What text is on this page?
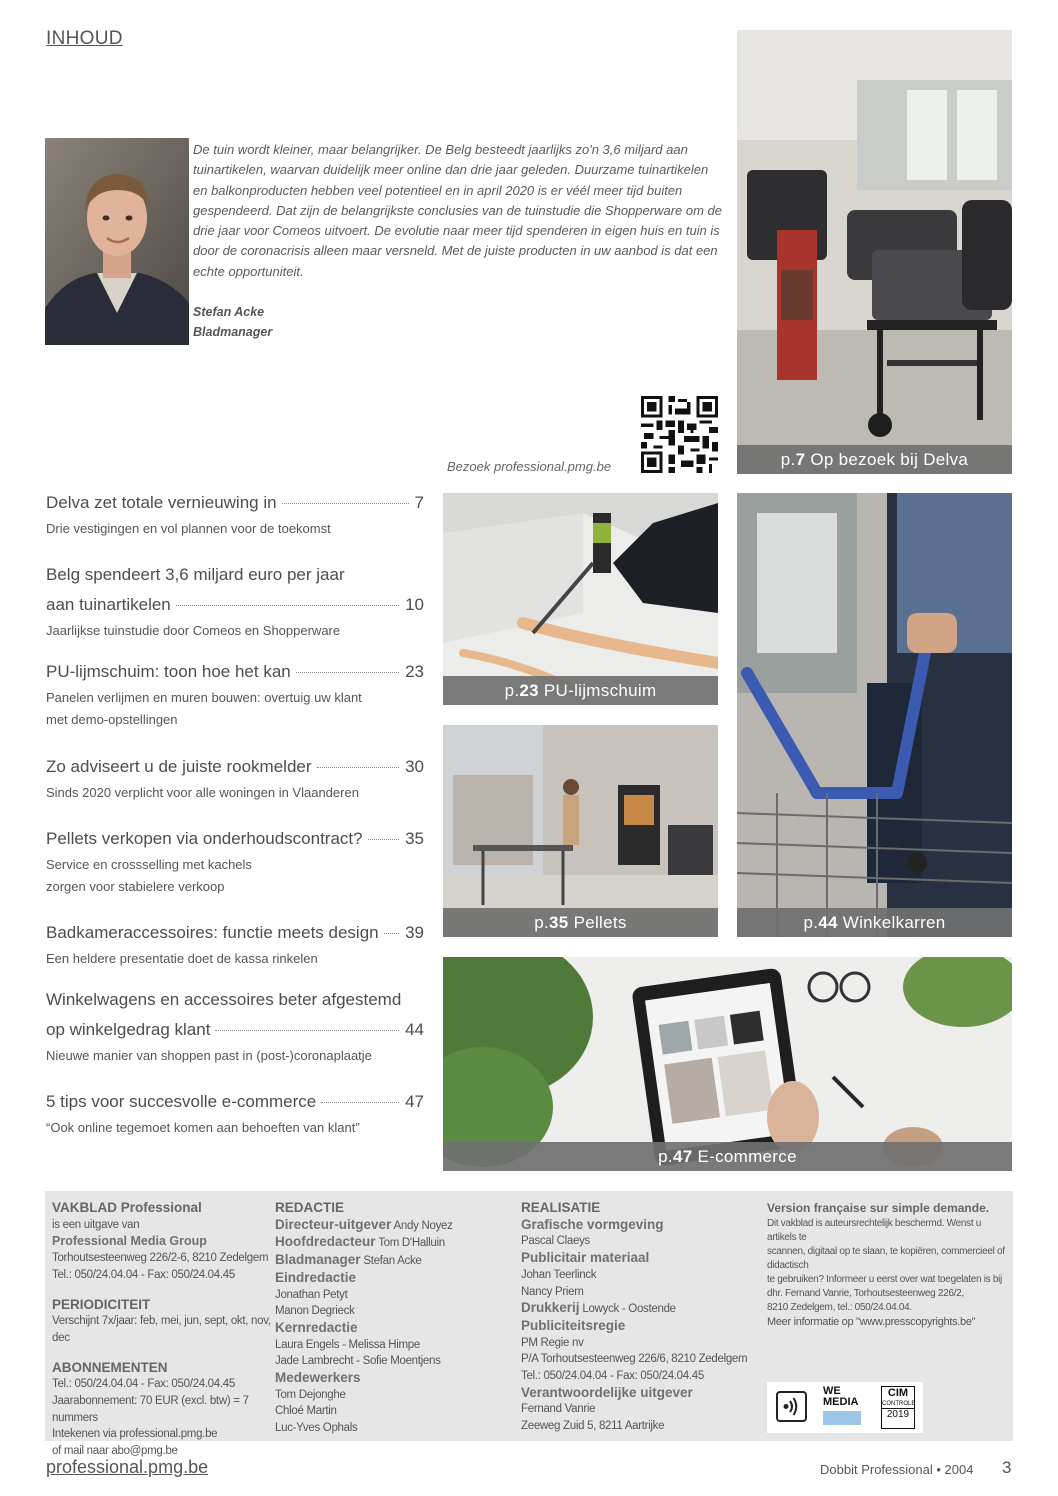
INHOUD
De tuin wordt kleiner, maar belangrijker. De Belg besteedt jaarlijks zo'n 3,6 miljard aan tuinartikelen, waarvan duidelijk meer online dan drie jaar geleden. Duurzame tuinartikelen en balkonproducten hebben veel potentieel en in april 2020 is er véél meer tijd buiten gespendeerd. Dat zijn de belangrijkste conclusies van de tuinstudie die Shopperware om de drie jaar voor Comeos uitvoert. De evolutie naar meer tijd spenderen in eigen huis en tuin is door de coronacrisis alleen maar versneld. Met de juiste producten in uw aanbod is dat een echte opportuniteit.
Stefan Acke
Bladmanager
Bezoek professional.pmg.be	p.7 Op bezoek bij Delva
p.23 PU-lijmschuim
p.35 Pellets	p.44 Winkelkarren
p.47 E-commerce
Delva zet totale vernieuwing in	7
Drie vestigingen en vol plannen voor de toekomst
Belg spendeert 3,6 miljard euro per jaar
aan tuinartikelen	10
Jaarlijkse tuinstudie door Comeos en Shopperware
PU-lijmschuim: toon hoe het kan	23
Panelen verlijmen en muren bouwen: overtuig uw klant
met demo-opstellingen
Zo adviseert u de juiste rookmelder	30
Sinds 2020 verplicht voor alle woningen in Vlaanderen
Pellets verkopen via onderhoudscontract? 35
Service en crossselling met kachels
zorgen voor stabielere verkoop
Badkameraccessoires: functie meets design 39
Een heldere presentatie doet de kassa rinkelen
Winkelwagens en accessoires beter afgestemd
op winkelgedrag klant	44
Nieuwe manier van shoppen past in (post-)coronaplaatje
5 tips voor succesvolle e-commerce	47
“Ook online tegemoet komen aan behoeften van klant”
VAKBLAD Professional
is een uitgave van
Professional Media Group
Torhoutsesteenweg 226/2-6, 8210 Zedelgem
Tel.: 050/24.04.04 - Fax: 050/24.04.45
PERIODICITEIT
Verschijnt 7x/jaar: feb, mei, jun, sept, okt, nov, dec
ABONNEMENTEN
Tel.: 050/24.04.04 - Fax: 050/24.04.45
Jaarabonnement: 70 EUR (excl. btw) = 7 nummers
Intekenen via professional.pmg.be
of mail naar abo@pmg.be
REDACTIE
Directeur-uitgever Andy Noyez
Hoofdredacteur Tom D'Halluin
Bladmanager Stefan Acke
Eindredactie
Jonathan Petyt
Manon Degrieck
Kernredactie
Laura Engels - Melissa Himpe
Jade Lambrecht - Sofie Moentjens
Medewerkers
Tom Dejonghe
Chloé Martin
Luc-Yves Ophals
REALISATIE
Grafische vormgeving
Pascal Claeys
Publicitair materiaal
Johan Teerlinck
Nancy Priem
Drukkerij Lowyck - Oostende
Publiciteitsregie
PM Regie nv
P/A Torhoutsesteenweg 226/6, 8210 Zedelgem
Tel.: 050/24.04.04 - Fax: 050/24.04.45
Verantwoordelijke uitgever
Fernand Vanrie
Zeeweg Zuid 5, 8211 Aartrijke
Version française sur simple demande.
Dit vakblad is auteursrechtelijk beschermd. Wenst u artikels te
scannen, digitaal op te slaan, te kopiëren, commercieel of didactisch
te gebruiken? Informeer u eerst over wat toegelaten is bij
dhr. Fernand Vanrie, Torhoutsesteenweg 226/2,
8210 Zedelgem, tel.: 050/24.04.04.
Meer informatie op "www.presscopyrights.be"
WE
MEDIA
CIM
CONTROLE
2019
professional.pmg.be	Dobbit Professional • 2004 3
